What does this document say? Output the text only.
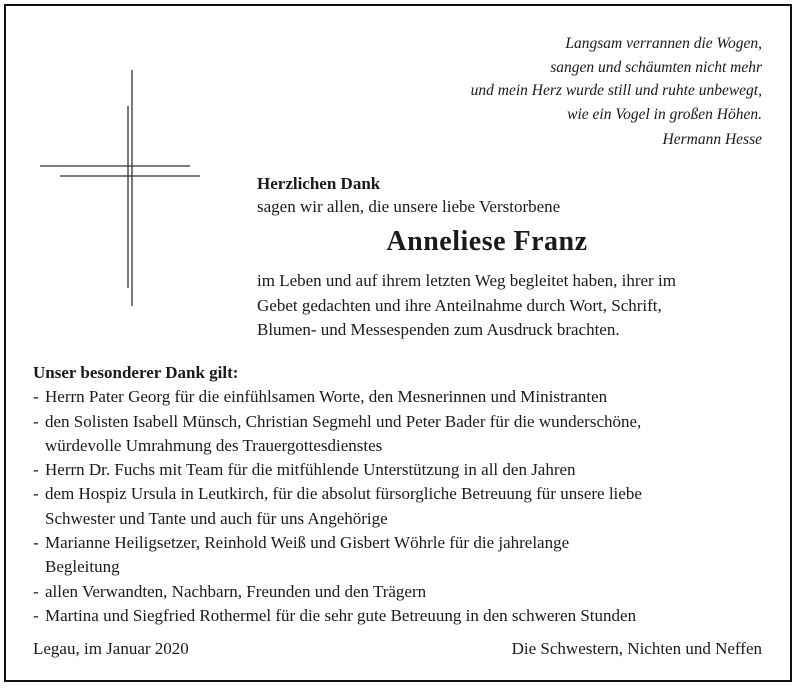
Langsam verrannen die Wogen,
sangen und schäumten nicht mehr
und mein Herz wurde still und ruhte unbewegt,
wie ein Vogel in großen Höhen.
Hermann Hesse
Herzlichen Dank
sagen wir allen, die unsere liebe Verstorbene
Anneliese Franz
im Leben und auf ihrem letzten Weg begleitet haben, ihrer im
Gebet gedachten und ihre Anteilnahme durch Wort, Schrift,
Blumen- und Messespenden zum Ausdruck brachten.
Unser besonderer Dank gilt:
- Herrn Pater Georg für die einfühlsamen Worte, den Mesnerinnen und Ministranten
- den Solisten Isabell Münsch, Christian Segmehl und Peter Bader für die wunderschöne,
würdevolle Umrahmung des Trauergottesdienstes
- Herrn Dr. Fuchs mit Team für die mitfühlende Unterstützung in all den Jahren
- dem Hospiz Ursula in Leutkirch, für die absolut fürsorgliche Betreuung für unsere liebe
Schwester und Tante und auch für uns Angehörige
- Marianne Heiligsetzer, Reinhold Weiß und Gisbert Wöhrle für die jahrelange
Begleitung
- allen Verwandten, Nachbarn, Freunden und den Trägern
- Martina und Siegfried Rothermel für die sehr gute Betreuung in den schweren Stunden
Legau, im Januar 2020	Die Schwestern, Nichten und Neffen
